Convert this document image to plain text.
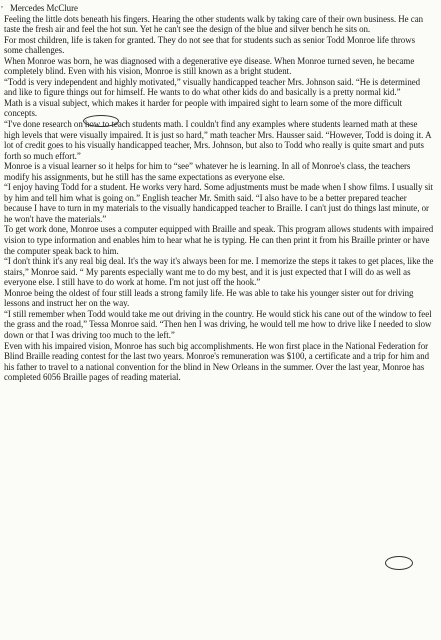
Mercedes McClure
Feeling the little dots beneath his fingers. Hearing the other students walk by taking care of their own business. He can taste the fresh air and feel the hot sun. Yet he can't see the design of the blue and silver bench he sits on.
For most children, life is taken for granted. They do not see that for students such as senior Todd Monroe life throws some challenges.
When Monroe was born, he was diagnosed with a degenerative eye disease. When Monroe turned seven, he became completely blind. Even with his vision, Monroe is still known as a bright student.
“Todd is very independent and highly motivated,” visually handicapped teacher Mrs. Johnson said. “He is determined and like to figure things out for himself. He wants to do what other kids do and basically is a pretty normal kid.”
Math is a visual subject, which makes it harder for people with impaired sight to learn some of the more difficult concepts.
“I've done research on how to teach students math. I couldn't find any examples where students learned math at these high levels that were visually impaired. It is just so hard,” math teacher Mrs. Hausser said. “However, Todd is doing it. A lot of credit goes to his visually handicapped teacher, Mrs. Johnson, but also to Todd who really is quite smart and puts forth so much effort.”
Monroe is a visual learner so it helps for him to “see” whatever he is learning. In all of Monroe's class, the teachers modify his assignments, but he still has the same expectations as everyone else.
“I enjoy having Todd for a student. He works very hard. Some adjustments must be made when I show films. I usually sit by him and tell him what is going on.” English teacher Mr. Smith said. “I also have to be a better prepared teacher because I have to turn in my materials to the visually handicapped teacher to Braille. I can't just do things last minute, or he won't have the materials.”
To get work done, Monroe uses a computer equipped with Braille and speak. This program allows students with impaired vision to type information and enables him to hear what he is typing. He can then print it from his Braille printer or have the computer speak back to him.
“I don't think it's any real big deal. It's the way it's always been for me. I memorize the steps it takes to get places, like the stairs,” Monroe said. “ My parents especially want me to do my best, and it is just expected that I will do as well as everyone else. I still have to do work at home. I'm not just off the hook.”
Monroe being the oldest of four still leads a strong family life. He was able to take his younger sister out for driving lessons and instruct her on the way.
“I still remember when Todd would take me out driving in the country. He would stick his cane out of the window to feel the grass and the road,” Tessa Monroe said. “Then hen I was driving, he would tell me how to drive like I needed to slow down or that I was driving too much to the left.”
Even with his impaired vision, Monroe has such big accomplishments. He won first place in the National Federation for Blind Braille reading contest for the last two years. Monroe's remuneration was $100, a certificate and a trip for him and his father to travel to a national convention for the blind in New Orleans in the summer. Over the last year, Monroe has completed 6056 Braille pages of reading material.
,
